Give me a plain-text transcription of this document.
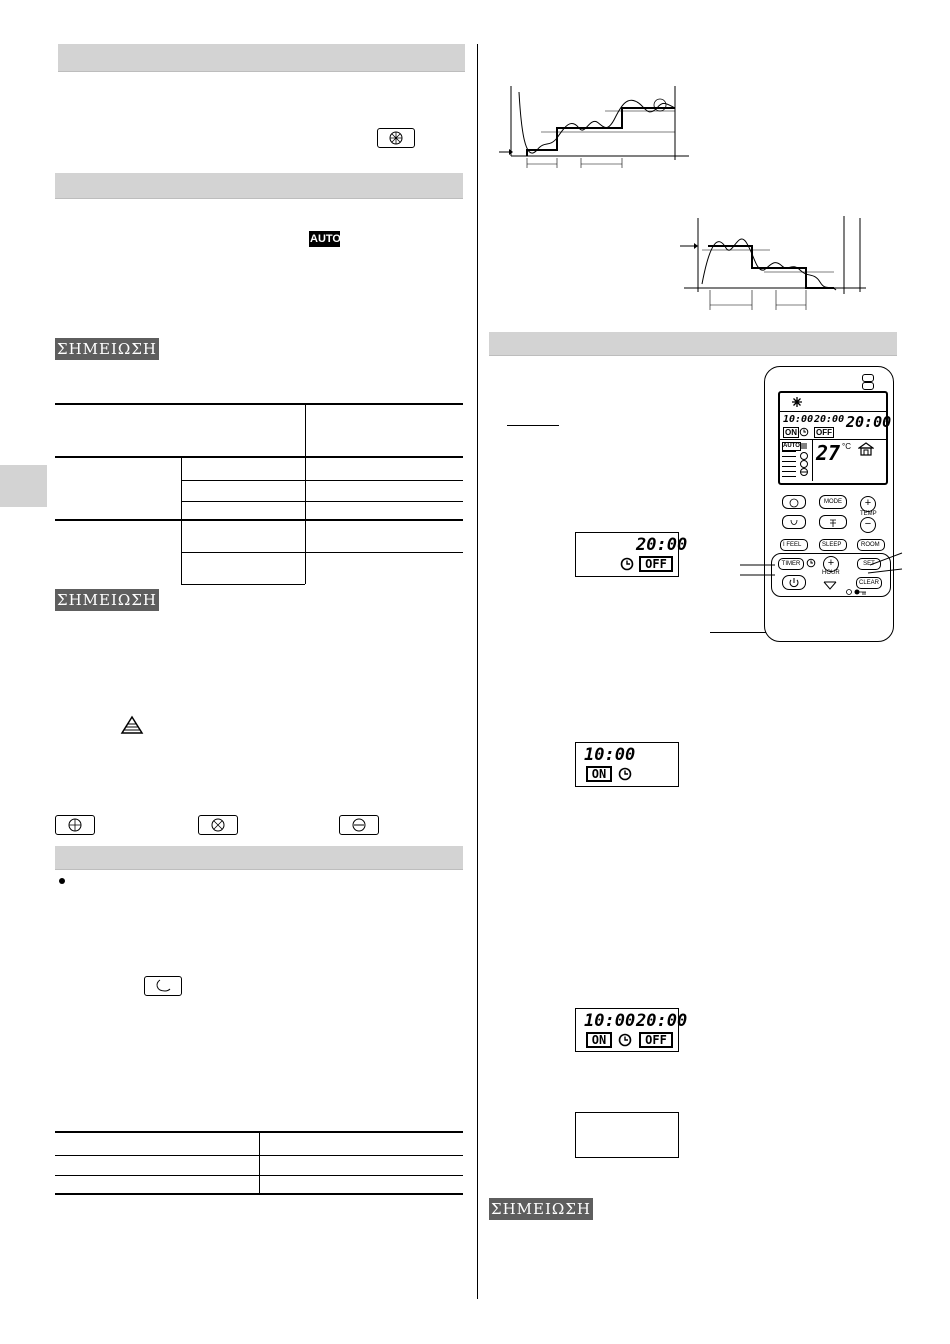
AUTO
ΣΗΜΕΙΩΣΗ
ΣΗΜΕΙΩΣΗ
20:00
OFF
10:00
ON
10:00 20:00
ON	OFF
ΣΗΜΕΙΩΣΗ
10:00 20:00 20:00
ON OFF
AUTO 27 °C
MODE	+
TEMP
−
I FEEL	SLEEP	ROOM
TIMER	+
HOUR
SET
CLEAR
